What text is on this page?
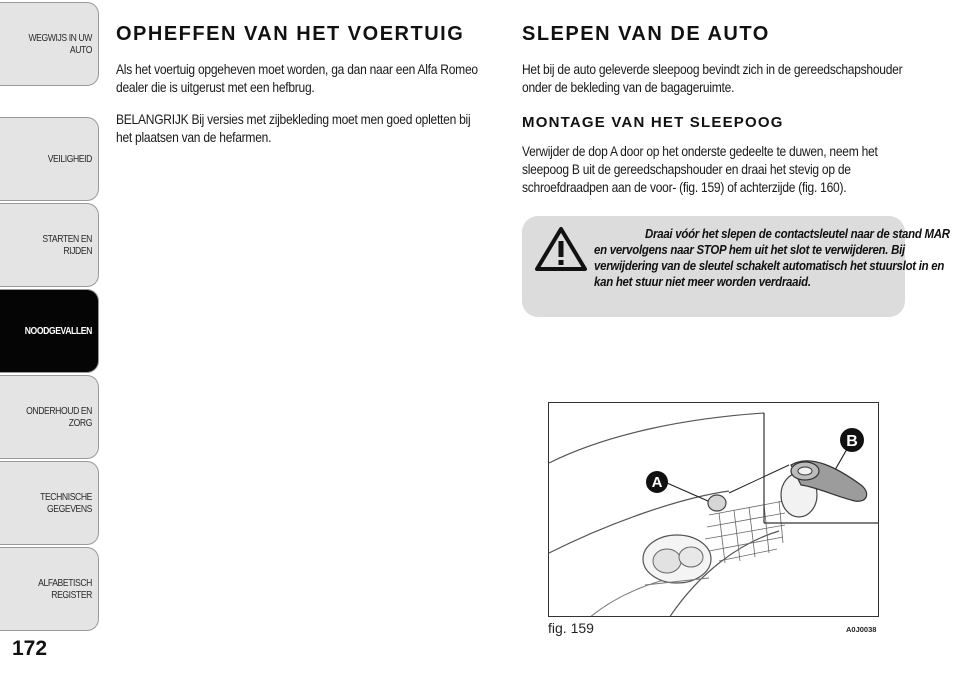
WEGWIJS IN UW AUTO
VEILIGHEID
STARTEN EN RIJDEN
NOODGEVALLEN
ONDERHOUD EN ZORG
TECHNISCHE GEGEVENS
ALFABETISCH REGISTER
172
OPHEFFEN VAN HET VOERTUIG

Als het voertuig opgeheven moet worden, ga dan naar een Alfa Romeo dealer die is uitgerust met een hefbrug.

BELANGRIJK Bij versies met zijbekleding moet men goed opletten bij het plaatsen van de hefarmen.

SLEPEN VAN DE AUTO

Het bij de auto geleverde sleepoog bevindt zich in de gereedschapshouder onder de bekleding van de bagageruimte.

MONTAGE VAN HET SLEEPOOG

Verwijder de dop A door op het onderste gedeelte te duwen, neem het sleepoog B uit de gereedschapshouder en draai het stevig op de schroefdraadpen aan de voor- (fig. 159) of achterzijde (fig. 160).

Draai vóór het slepen de contactsleutel naar de stand MAR en vervolgens naar STOP hem uit het slot te verwijderen. Bij verwijdering van de sleutel schakelt automatisch het stuurslot in en kan het stuur niet meer worden verdraaid.

A
B
fig. 159	A0J0038
